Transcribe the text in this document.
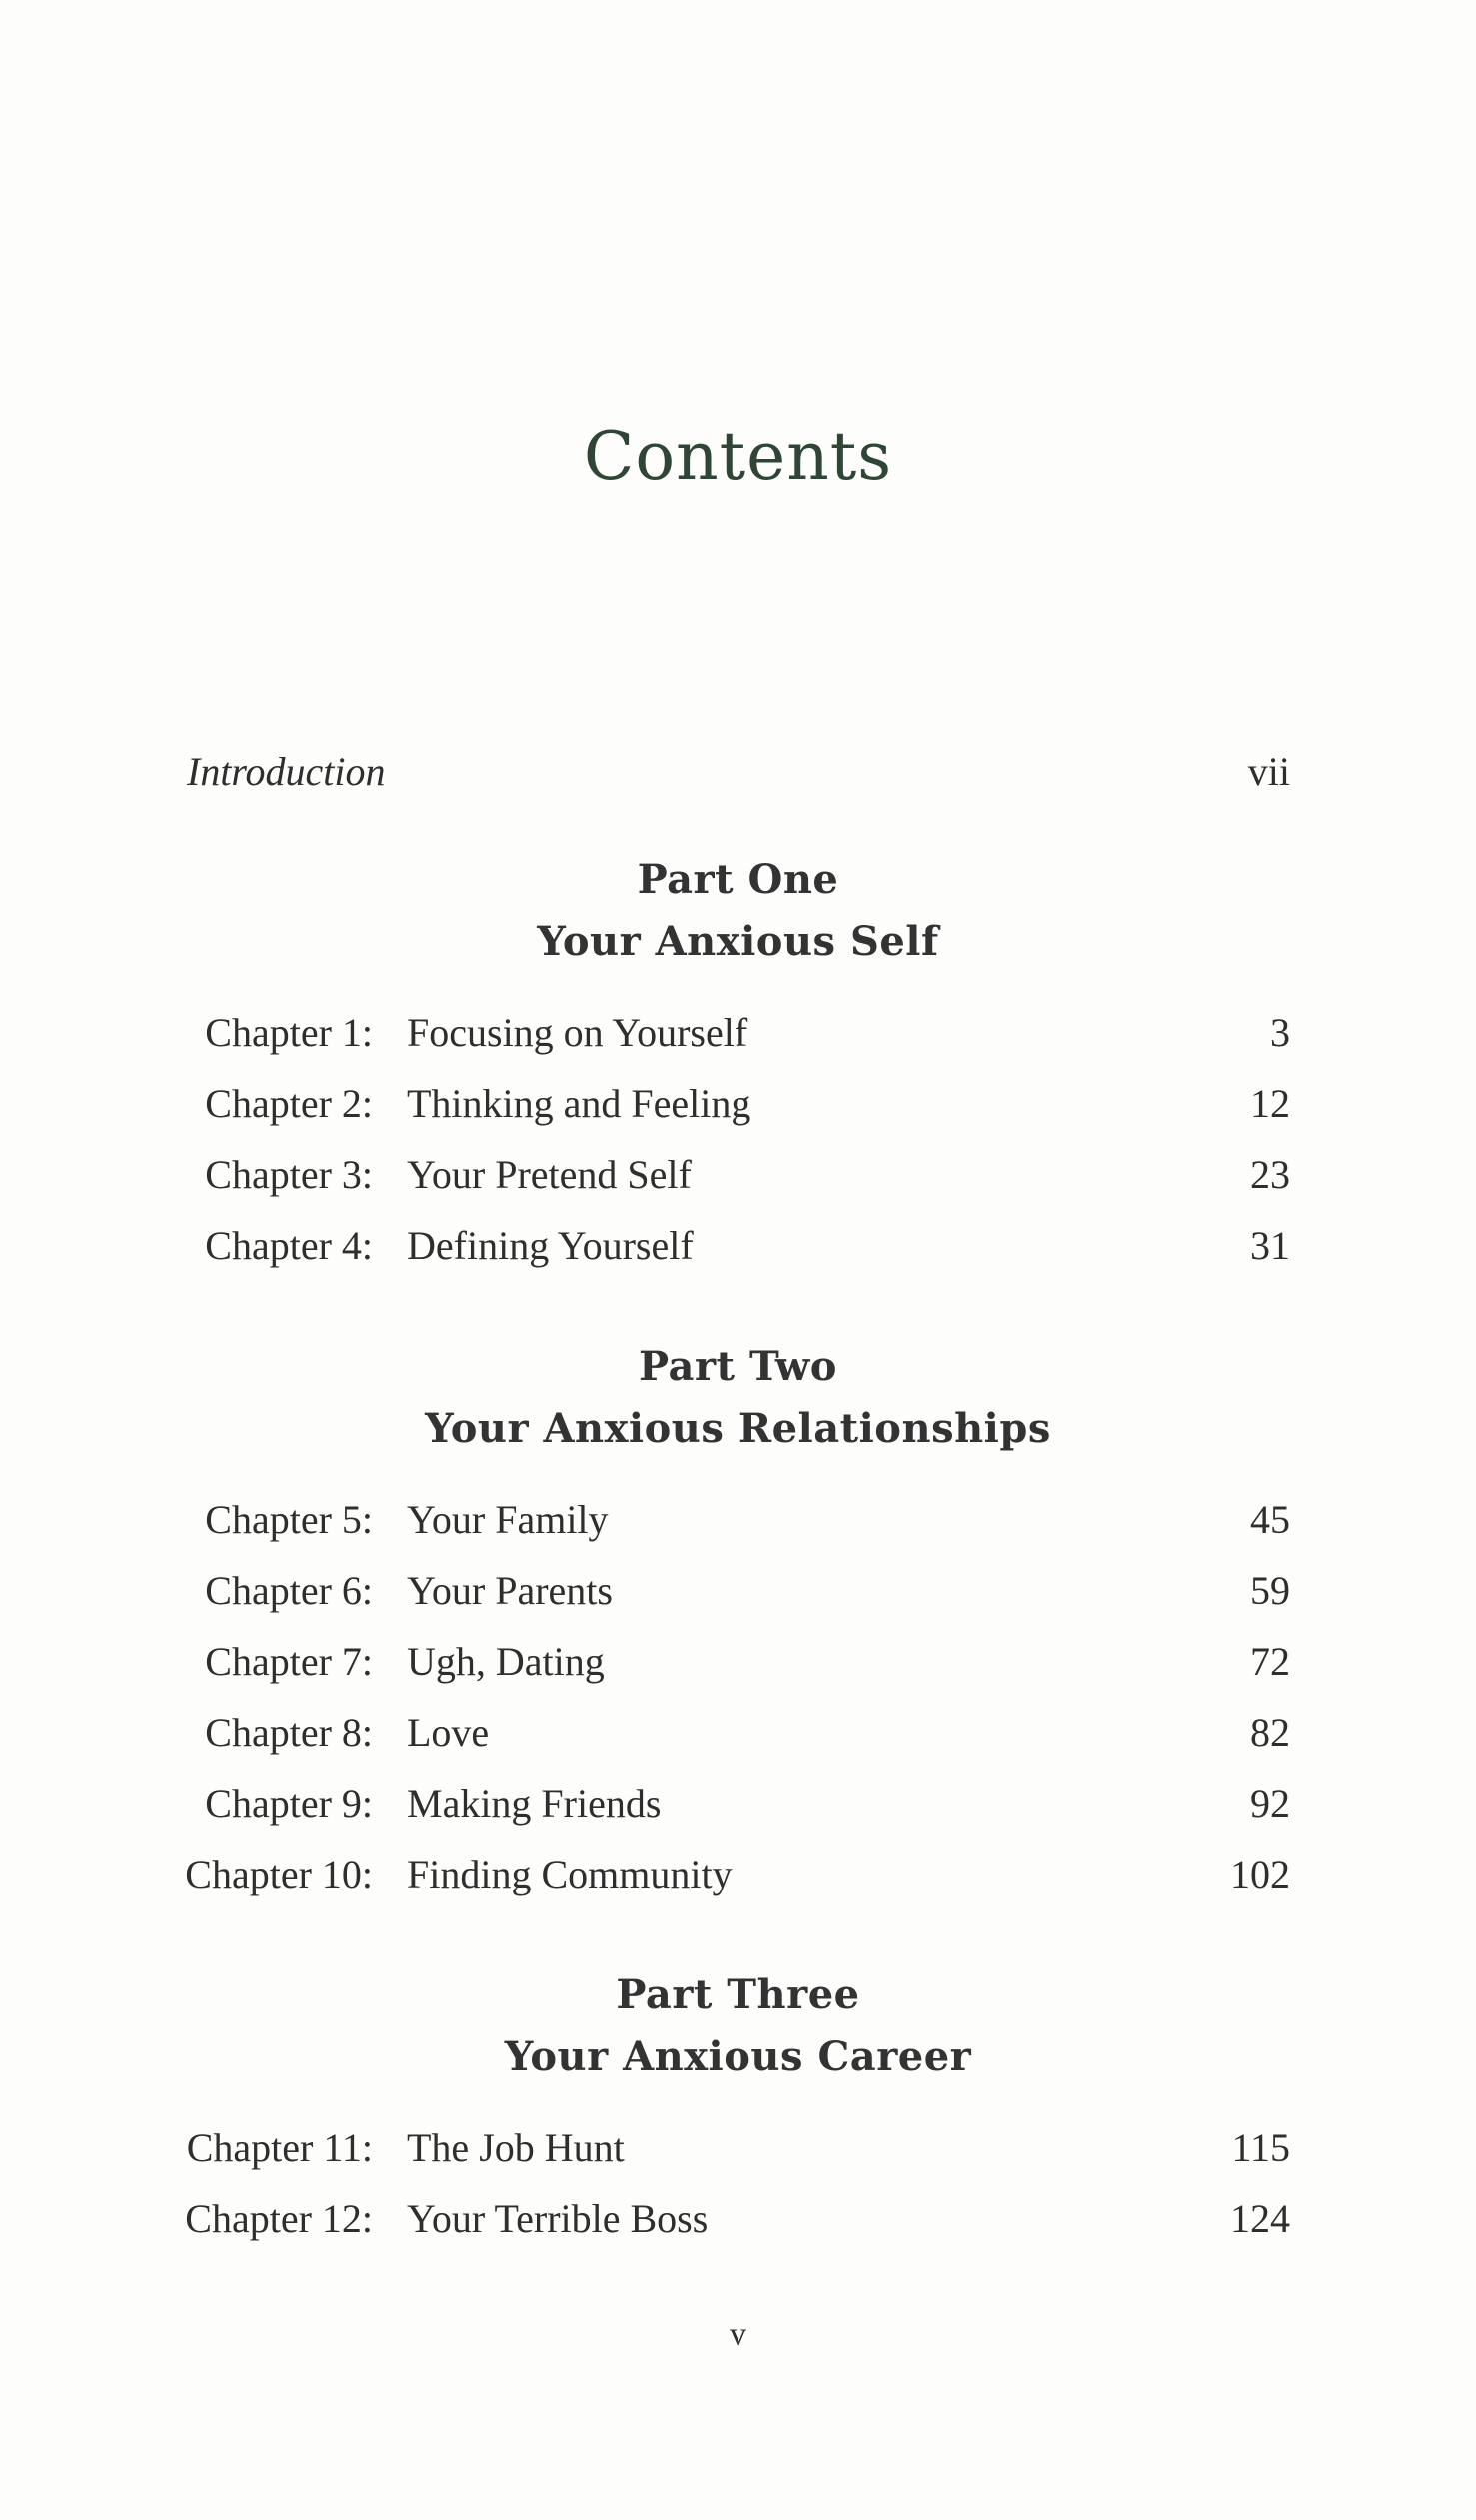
Contents
Introduction	vii
Part One
Your Anxious Self
Chapter 1: Focusing on Yourself	3
Chapter 2: Thinking and Feeling	12
Chapter 3: Your Pretend Self	23
Chapter 4: Defining Yourself	31
Part Two
Your Anxious Relationships
Chapter 5: Your Family	45
Chapter 6: Your Parents	59
Chapter 7: Ugh, Dating	72
Chapter 8: Love	82
Chapter 9: Making Friends	92
Chapter 10: Finding Community	102
Part Three
Your Anxious Career
Chapter 11: The Job Hunt	115
Chapter 12: Your Terrible Boss	124
v
